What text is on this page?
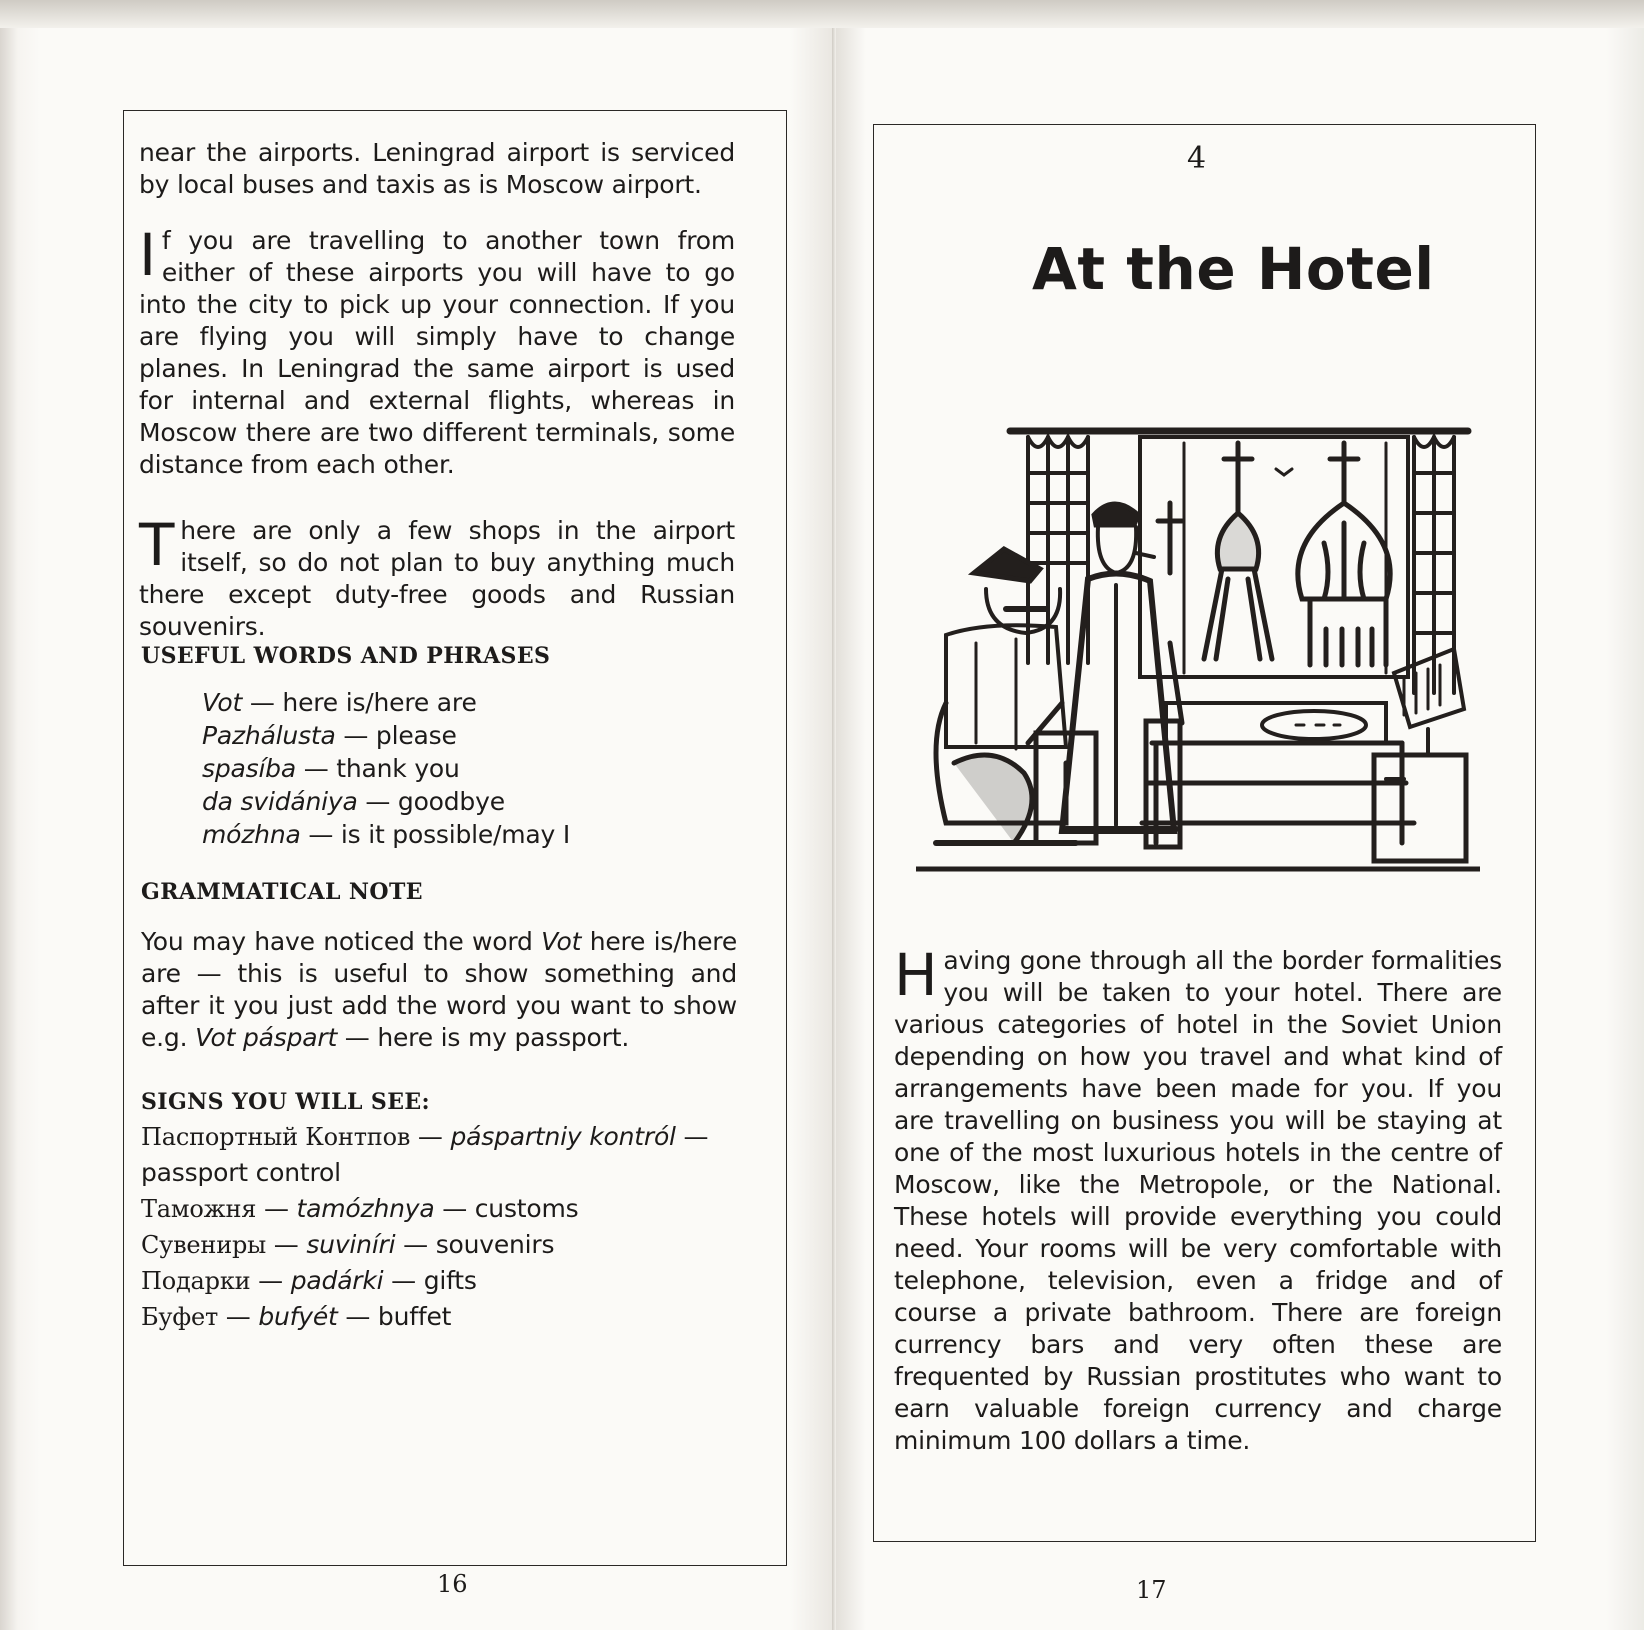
near the airports. Leningrad airport is serviced by local buses and taxis as is Moscow airport.

If you are travelling to another town from either of these airports you will have to go into the city to pick up your connection. If you are flying you will simply have to change planes. In Leningrad the same airport is used for internal and external flights, whereas in Moscow there are two different terminals, some distance from each other.

There are only a few shops in the airport itself, so do not plan to buy anything much there except duty-free goods and Russian souvenirs.

USEFUL WORDS AND PHRASES
Vot — here is/here are
Pazhálusta — please
spasíba — thank you
da svidániya — goodbye
mózhna — is it possible/may I
GRAMMATICAL NOTE

You may have noticed the word Vot here is/here are — this is useful to show something and after it you just add the word you want to show e.g. Vot páspart — here is my passport.

SIGNS YOU WILL SEE:
Паспортный Контпов — páspartniy kontról — passport control
Таможня — tamózhnya — customs
Сувениры — suviníri — souvenirs
Подарки — padárki — gifts
Буфет — bufyét — buffet
16
4
At the Hotel

Having gone through all the border formalities you will be taken to your hotel. There are various categories of hotel in the Soviet Union depending on how you travel and what kind of arrangements have been made for you. If you are travelling on business you will be staying at one of the most luxurious hotels in the centre of Moscow, like the Metropole, or the National. These hotels will provide everything you could need. Your rooms will be very comfortable with telephone, television, even a fridge and of course a private bathroom. There are foreign currency bars and very often these are frequented by Russian prostitutes who want to earn valuable foreign currency and charge minimum 100 dollars a time.

17
